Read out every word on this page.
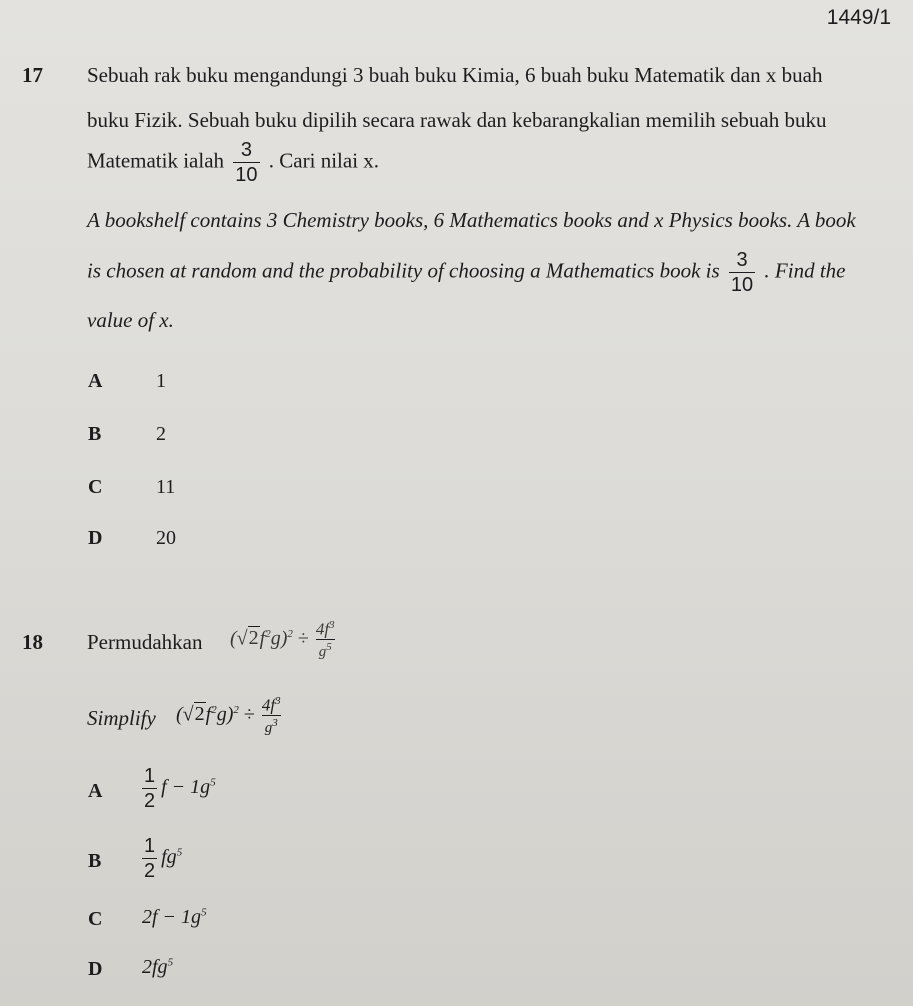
1449/1
17 Sebuah rak buku mengandungi 3 buah buku Kimia, 6 buah buku Matematik dan x buah
buku Fizik. Sebuah buku dipilih secara rawak dan kebarangkalian memilih sebuah buku
Matematik ialah $\frac{3}{10}$ . Cari nilai x.
A bookshelf contains 3 Chemistry books, 6 Mathematics books and x Physics books. A book
is chosen at random and the probability of choosing a Mathematics book is $\frac{3}{10}$ . Find the
value of x.
A	1
B	2
C	11
D	20
18 Permudahkan $(√2f^2g)^2 \div \frac{4f^3}{g^5}$
Simplify $(√2f^2g)^2 \div \frac{4f^3}{g^3}$
A $\frac{1}{2}$ $f - 1g^5$
B $\frac{1}{2} fg^5$
C $2f - 1g^5$
D $2fg^5$
